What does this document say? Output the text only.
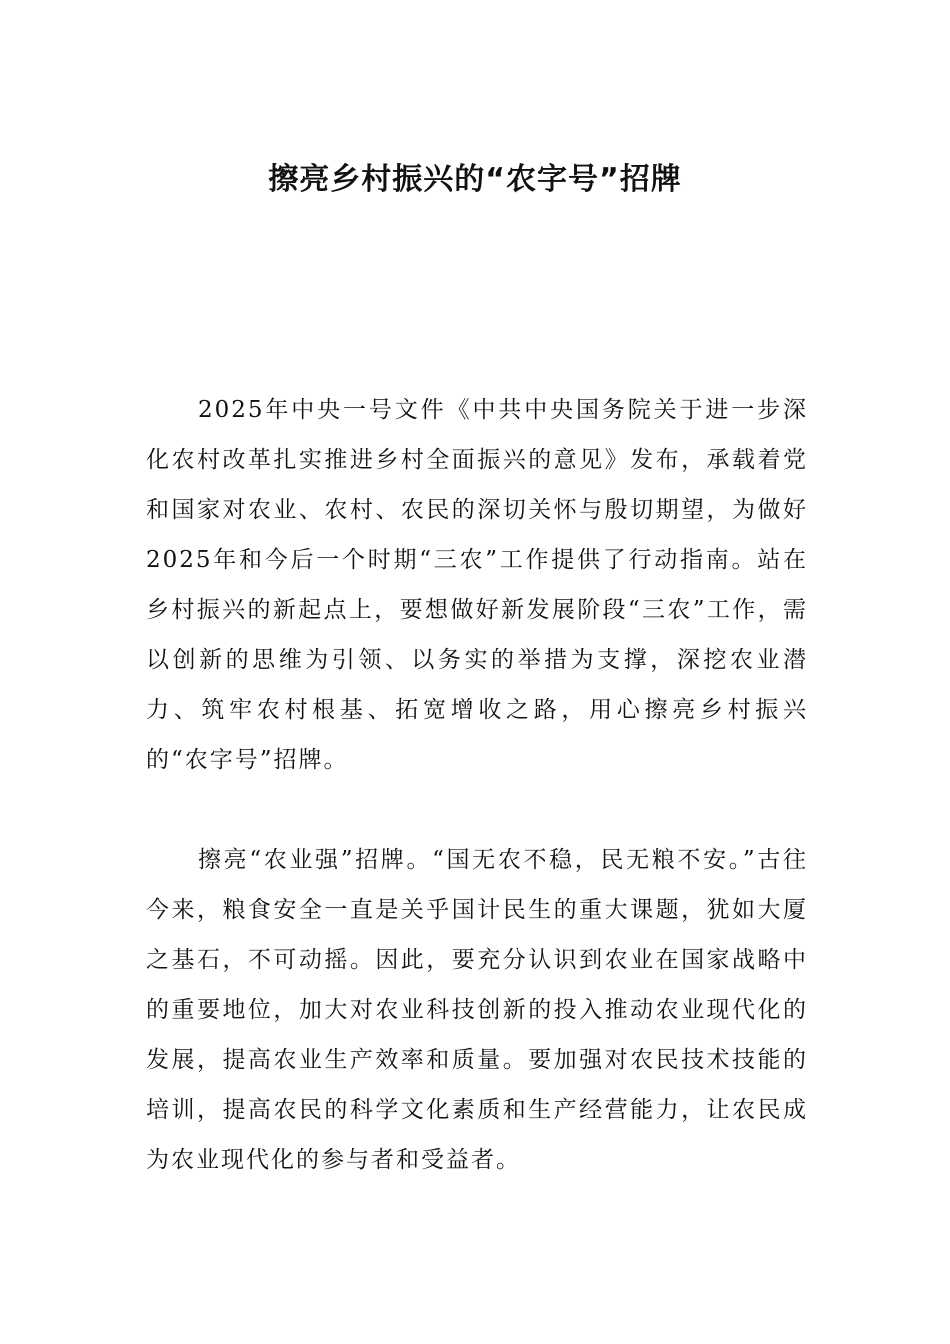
擦亮乡村振兴的“农字号”招牌

2025年中央一号文件《中共中央国务院关于进一步深化农村改革扎实推进乡村全面振兴的意见》发布，承载着党和国家对农业、农村、农民的深切关怀与殷切期望，为做好2025年和今后一个时期“三农”工作提供了行动指南。站在乡村振兴的新起点上，要想做好新发展阶段“三农”工作，需以创新的思维为引领、以务实的举措为支撑，深挖农业潜力、筑牢农村根基、拓宽增收之路，用心擦亮乡村振兴的“农字号”招牌。

擦亮“农业强”招牌。“国无农不稳，民无粮不安。”古往今来，粮食安全一直是关乎国计民生的重大课题，犹如大厦之基石，不可动摇。因此，要充分认识到农业在国家战略中的重要地位，加大对农业科技创新的投入推动农业现代化的发展，提高农业生产效率和质量。要加强对农民技术技能的培训，提高农民的科学文化素质和生产经营能力，让农民成为农业现代化的参与者和受益者。
